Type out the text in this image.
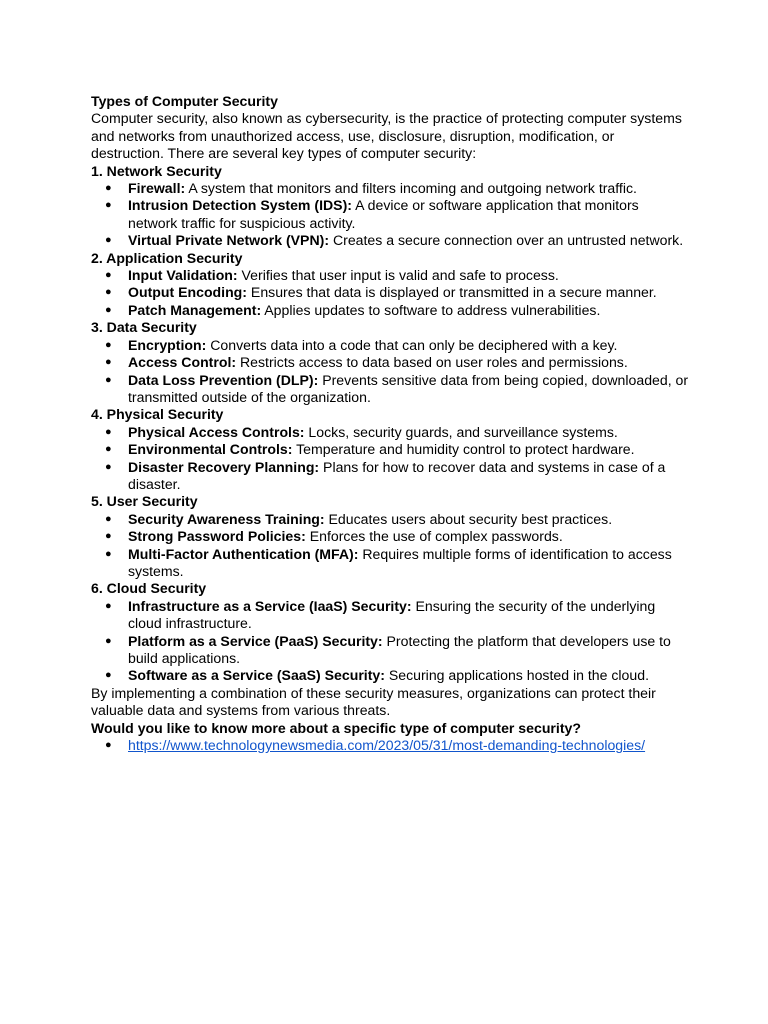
Types of Computer Security

Computer security, also known as cybersecurity, is the practice of protecting computer systems and networks from unauthorized access, use, disclosure, disruption, modification, or destruction. There are several key types of computer security:

1. Network Security

● Firewall: A system that monitors and filters incoming and outgoing network traffic.
● Intrusion Detection System (IDS): A device or software application that monitors network traffic for suspicious activity.
● Virtual Private Network (VPN): Creates a secure connection over an untrusted network.

2. Application Security

● Input Validation: Verifies that user input is valid and safe to process.
● Output Encoding: Ensures that data is displayed or transmitted in a secure manner.
● Patch Management: Applies updates to software to address vulnerabilities.

3. Data Security

● Encryption: Converts data into a code that can only be deciphered with a key.
● Access Control: Restricts access to data based on user roles and permissions.
● Data Loss Prevention (DLP): Prevents sensitive data from being copied, downloaded, or transmitted outside of the organization.

4. Physical Security

● Physical Access Controls: Locks, security guards, and surveillance systems.
● Environmental Controls: Temperature and humidity control to protect hardware.
● Disaster Recovery Planning: Plans for how to recover data and systems in case of a disaster.

5. User Security

● Security Awareness Training: Educates users about security best practices.
● Strong Password Policies: Enforces the use of complex passwords.
● Multi-Factor Authentication (MFA): Requires multiple forms of identification to access systems.

6. Cloud Security

● Infrastructure as a Service (IaaS) Security: Ensuring the security of the underlying cloud infrastructure.
● Platform as a Service (PaaS) Security: Protecting the platform that developers use to build applications.
● Software as a Service (SaaS) Security: Securing applications hosted in the cloud.

By implementing a combination of these security measures, organizations can protect their valuable data and systems from various threats.

Would you like to know more about a specific type of computer security?

● https://www.technologynewsmedia.com/2023/05/31/most-demanding-technologies/
